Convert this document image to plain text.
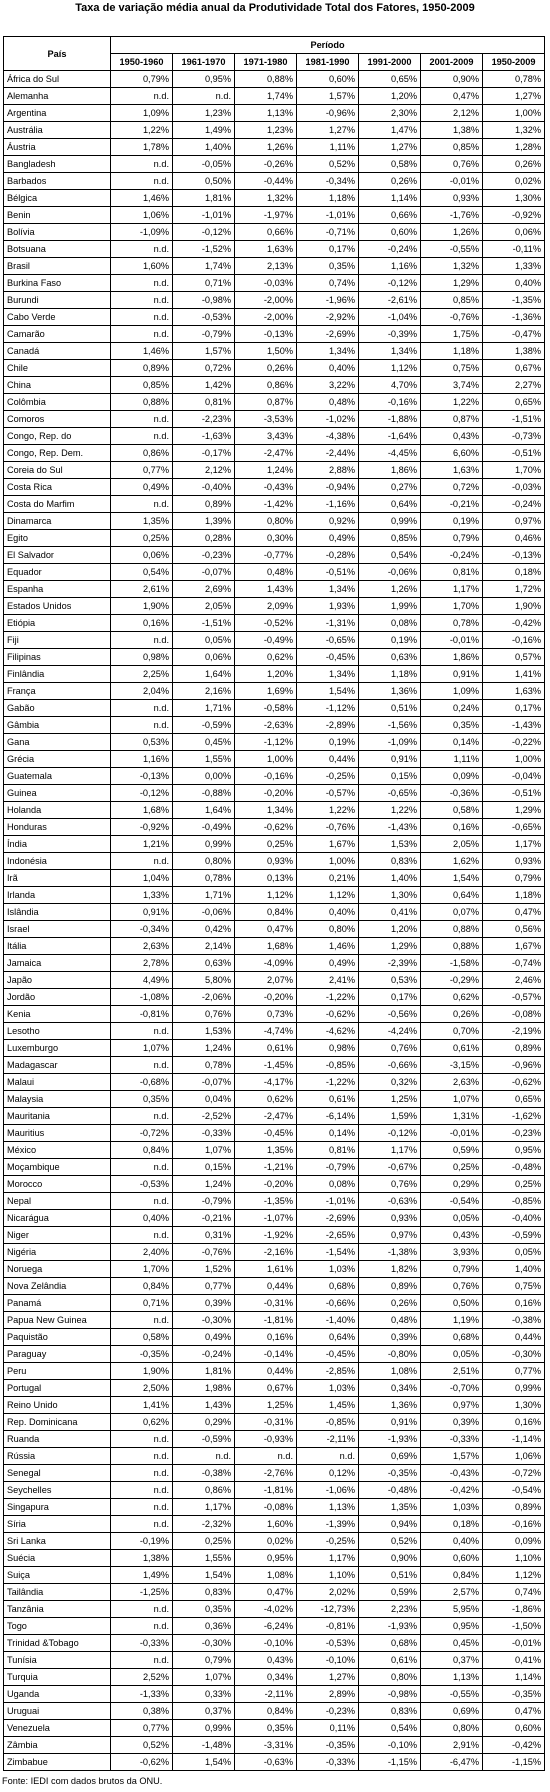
Taxa de variação média anual da Produtividade Total dos Fatores, 1950-2009
País	Período						
	1950-1960	1961-1970	1971-1980	1981-1990	1991-2000	2001-2009	1950-2009
África do Sul	0,79%	0,95%	0,88%	0,60%	0,65%	0,90%	0,78%
Alemanha	n.d.	n.d.	1,74%	1,57%	1,20%	0,47%	1,27%
Argentina	1,09%	1,23%	1,13%	-0,96%	2,30%	2,12%	1,00%
Austrália	1,22%	1,49%	1,23%	1,27%	1,47%	1,38%	1,32%
Áustria	1,78%	1,40%	1,26%	1,11%	1,27%	0,85%	1,28%
Bangladesh	n.d.	-0,05%	-0,26%	0,52%	0,58%	0,76%	0,26%
Barbados	n.d.	0,50%	-0,44%	-0,34%	0,26%	-0,01%	0,02%
Bélgica	1,46%	1,81%	1,32%	1,18%	1,14%	0,93%	1,30%
Benin	1,06%	-1,01%	-1,97%	-1,01%	0,66%	-1,76%	-0,92%
Bolívia	-1,09%	-0,12%	0,66%	-0,71%	0,60%	1,26%	0,06%
Botsuana	n.d.	-1,52%	1,63%	0,17%	-0,24%	-0,55%	-0,11%
Brasil	1,60%	1,74%	2,13%	0,35%	1,16%	1,32%	1,33%
Burkina Faso	n.d.	0,71%	-0,03%	0,74%	-0,12%	1,29%	0,40%
Burundi	n.d.	-0,98%	-2,00%	-1,96%	-2,61%	0,85%	-1,35%
Cabo Verde	n.d.	-0,53%	-2,00%	-2,92%	-1,04%	-0,76%	-1,36%
Camarão	n.d.	-0,79%	-0,13%	-2,69%	-0,39%	1,75%	-0,47%
Canadá	1,46%	1,57%	1,50%	1,34%	1,34%	1,18%	1,38%
Chile	0,89%	0,72%	0,26%	0,40%	1,12%	0,75%	0,67%
China	0,85%	1,42%	0,86%	3,22%	4,70%	3,74%	2,27%
Colômbia	0,88%	0,81%	0,87%	0,48%	-0,16%	1,22%	0,65%
Comoros	n.d.	-2,23%	-3,53%	-1,02%	-1,88%	0,87%	-1,51%
Congo, Rep. do	n.d.	-1,63%	3,43%	-4,38%	-1,64%	0,43%	-0,73%
Congo, Rep. Dem.	0,86%	-0,17%	-2,47%	-2,44%	-4,45%	6,60%	-0,51%
Coreia do Sul	0,77%	2,12%	1,24%	2,88%	1,86%	1,63%	1,70%
Costa Rica	0,49%	-0,40%	-0,43%	-0,94%	0,27%	0,72%	-0,03%
Costa do Marfim	n.d.	0,89%	-1,42%	-1,16%	0,64%	-0,21%	-0,24%
Dinamarca	1,35%	1,39%	0,80%	0,92%	0,99%	0,19%	0,97%
Egito	0,25%	0,28%	0,30%	0,49%	0,85%	0,79%	0,46%
El Salvador	0,06%	-0,23%	-0,77%	-0,28%	0,54%	-0,24%	-0,13%
Equador	0,54%	-0,07%	0,48%	-0,51%	-0,06%	0,81%	0,18%
Espanha	2,61%	2,69%	1,43%	1,34%	1,26%	1,17%	1,72%
Estados Unidos	1,90%	2,05%	2,09%	1,93%	1,99%	1,70%	1,90%
Etiópia	0,16%	-1,51%	-0,52%	-1,31%	0,08%	0,78%	-0,42%
Fiji	n.d.	0,05%	-0,49%	-0,65%	0,19%	-0,01%	-0,16%
Filipinas	0,98%	0,06%	0,62%	-0,45%	0,63%	1,86%	0,57%
Finlândia	2,25%	1,64%	1,20%	1,34%	1,18%	0,91%	1,41%
França	2,04%	2,16%	1,69%	1,54%	1,36%	1,09%	1,63%
Gabão	n.d.	1,71%	-0,58%	-1,12%	0,51%	0,24%	0,17%
Gâmbia	n.d.	-0,59%	-2,63%	-2,89%	-1,56%	0,35%	-1,43%
Gana	0,53%	0,45%	-1,12%	0,19%	-1,09%	0,14%	-0,22%
Grécia	1,16%	1,55%	1,00%	0,44%	0,91%	1,11%	1,00%
Guatemala	-0,13%	0,00%	-0,16%	-0,25%	0,15%	0,09%	-0,04%
Guinea	-0,12%	-0,88%	-0,20%	-0,57%	-0,65%	-0,36%	-0,51%
Holanda	1,68%	1,64%	1,34%	1,22%	1,22%	0,58%	1,29%
Honduras	-0,92%	-0,49%	-0,62%	-0,76%	-1,43%	0,16%	-0,65%
Índia	1,21%	0,99%	0,25%	1,67%	1,53%	2,05%	1,17%
Indonésia	n.d.	0,80%	0,93%	1,00%	0,83%	1,62%	0,93%
Irã	1,04%	0,78%	0,13%	0,21%	1,40%	1,54%	0,79%
Irlanda	1,33%	1,71%	1,12%	1,12%	1,30%	0,64%	1,18%
Islândia	0,91%	-0,06%	0,84%	0,40%	0,41%	0,07%	0,47%
Israel	-0,34%	0,42%	0,47%	0,80%	1,20%	0,88%	0,56%
Itália	2,63%	2,14%	1,68%	1,46%	1,29%	0,88%	1,67%
Jamaica	2,78%	0,63%	-4,09%	0,49%	-2,39%	-1,58%	-0,74%
Japão	4,49%	5,80%	2,07%	2,41%	0,53%	-0,29%	2,46%
Jordão	-1,08%	-2,06%	-0,20%	-1,22%	0,17%	0,62%	-0,57%
Kenia	-0,81%	0,76%	0,73%	-0,62%	-0,56%	0,26%	-0,08%
Lesotho	n.d.	1,53%	-4,74%	-4,62%	-4,24%	0,70%	-2,19%
Luxemburgo	1,07%	1,24%	0,61%	0,98%	0,76%	0,61%	0,89%
Madagascar	n.d.	0,78%	-1,45%	-0,85%	-0,66%	-3,15%	-0,96%
Malaui	-0,68%	-0,07%	-4,17%	-1,22%	0,32%	2,63%	-0,62%
Malaysia	0,35%	0,04%	0,62%	0,61%	1,25%	1,07%	0,65%
Mauritania	n.d.	-2,52%	-2,47%	-6,14%	1,59%	1,31%	-1,62%
Mauritius	-0,72%	-0,33%	-0,45%	0,14%	-0,12%	-0,01%	-0,23%
México	0,84%	1,07%	1,35%	0,81%	1,17%	0,59%	0,95%
Moçambique	n.d.	0,15%	-1,21%	-0,79%	-0,67%	0,25%	-0,48%
Morocco	-0,53%	1,24%	-0,20%	0,08%	0,76%	0,29%	0,25%
Nepal	n.d.	-0,79%	-1,35%	-1,01%	-0,63%	-0,54%	-0,85%
Nicarágua	0,40%	-0,21%	-1,07%	-2,69%	0,93%	0,05%	-0,40%
Niger	n.d.	0,31%	-1,92%	-2,65%	0,97%	0,43%	-0,59%
Nigéria	2,40%	-0,76%	-2,16%	-1,54%	-1,38%	3,93%	0,05%
Noruega	1,70%	1,52%	1,61%	1,03%	1,82%	0,79%	1,40%
Nova Zelândia	0,84%	0,77%	0,44%	0,68%	0,89%	0,76%	0,75%
Panamá	0,71%	0,39%	-0,31%	-0,66%	0,26%	0,50%	0,16%
Papua New Guinea	n.d.	-0,30%	-1,81%	-1,40%	0,48%	1,19%	-0,38%
Paquistão	0,58%	0,49%	0,16%	0,64%	0,39%	0,68%	0,44%
Paraguay	-0,35%	-0,24%	-0,14%	-0,45%	-0,80%	0,05%	-0,30%
Peru	1,90%	1,81%	0,44%	-2,85%	1,08%	2,51%	0,77%
Portugal	2,50%	1,98%	0,67%	1,03%	0,34%	-0,70%	0,99%
Reino Unido	1,41%	1,43%	1,25%	1,45%	1,36%	0,97%	1,30%
Rep. Dominicana	0,62%	0,29%	-0,31%	-0,85%	0,91%	0,39%	0,16%
Ruanda	n.d.	-0,59%	-0,93%	-2,11%	-1,93%	-0,33%	-1,14%
Rússia	n.d.	n.d.	n.d.	n.d.	0,69%	1,57%	1,06%
Senegal	n.d.	-0,38%	-2,76%	0,12%	-0,35%	-0,43%	-0,72%
Seychelles	n.d.	0,86%	-1,81%	-1,06%	-0,48%	-0,42%	-0,54%
Singapura	n.d.	1,17%	-0,08%	1,13%	1,35%	1,03%	0,89%
Síria	n.d.	-2,32%	1,60%	-1,39%	0,94%	0,18%	-0,16%
Sri Lanka	-0,19%	0,25%	0,02%	-0,25%	0,52%	0,40%	0,09%
Suécia	1,38%	1,55%	0,95%	1,17%	0,90%	0,60%	1,10%
Suiça	1,49%	1,54%	1,08%	1,10%	0,51%	0,84%	1,12%
Tailândia	-1,25%	0,83%	0,47%	2,02%	0,59%	2,57%	0,74%
Tanzânia	n.d.	0,35%	-4,02%	-12,73%	2,23%	5,95%	-1,86%
Togo	n.d.	0,36%	-6,24%	-0,81%	-1,93%	0,95%	-1,50%
Trinidad &Tobago	-0,33%	-0,30%	-0,10%	-0,53%	0,68%	0,45%	-0,01%
Tunísia	n.d.	0,79%	0,43%	-0,10%	0,61%	0,37%	0,41%
Turquia	2,52%	1,07%	0,34%	1,27%	0,80%	1,13%	1,14%
Uganda	-1,33%	0,33%	-2,11%	2,89%	-0,98%	-0,55%	-0,35%
Uruguai	0,38%	0,37%	0,84%	-0,23%	0,83%	0,69%	0,47%
Venezuela	0,77%	0,99%	0,35%	0,11%	0,54%	0,80%	0,60%
Zâmbia	0,52%	-1,48%	-3,31%	-0,35%	-0,10%	2,91%	-0,42%
Zimbabue	-0,62%	1,54%	-0,63%	-0,33%	-1,15%	-6,47%	-1,15%
Fonte: IEDI com dados brutos da ONU.
